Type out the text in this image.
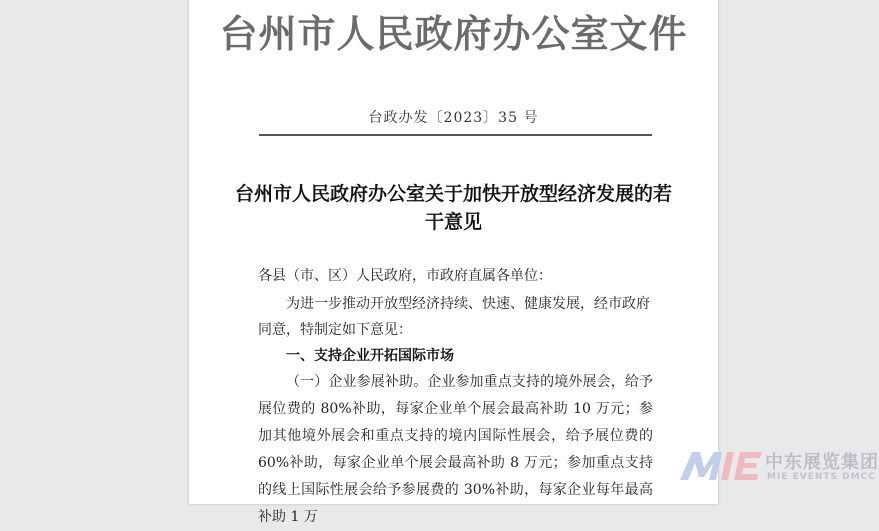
台州市人民政府办公室文件
台政办发〔2023〕35 号
台州市人民政府办公室关于加快开放型经济发展的若干意见
各县（市、区）人民政府，市政府直属各单位：
为进一步推动开放型经济持续、快速、健康发展，经市政府同意，特制定如下意见：
一、支持企业开拓国际市场
（一）企业参展补助。企业参加重点支持的境外展会，给予展位费的 80%补助，每家企业单个展会最高补助 10 万元；参加其他境外展会和重点支持的境内国际性展会，给予展位费的 60%补助，每家企业单个展会最高补助 8 万元；参加重点支持的线上国际性展会给予参展费的 30%补助，每家企业每年最高补助 1 万
中东展览集团
MIE EVENTS DMCC
